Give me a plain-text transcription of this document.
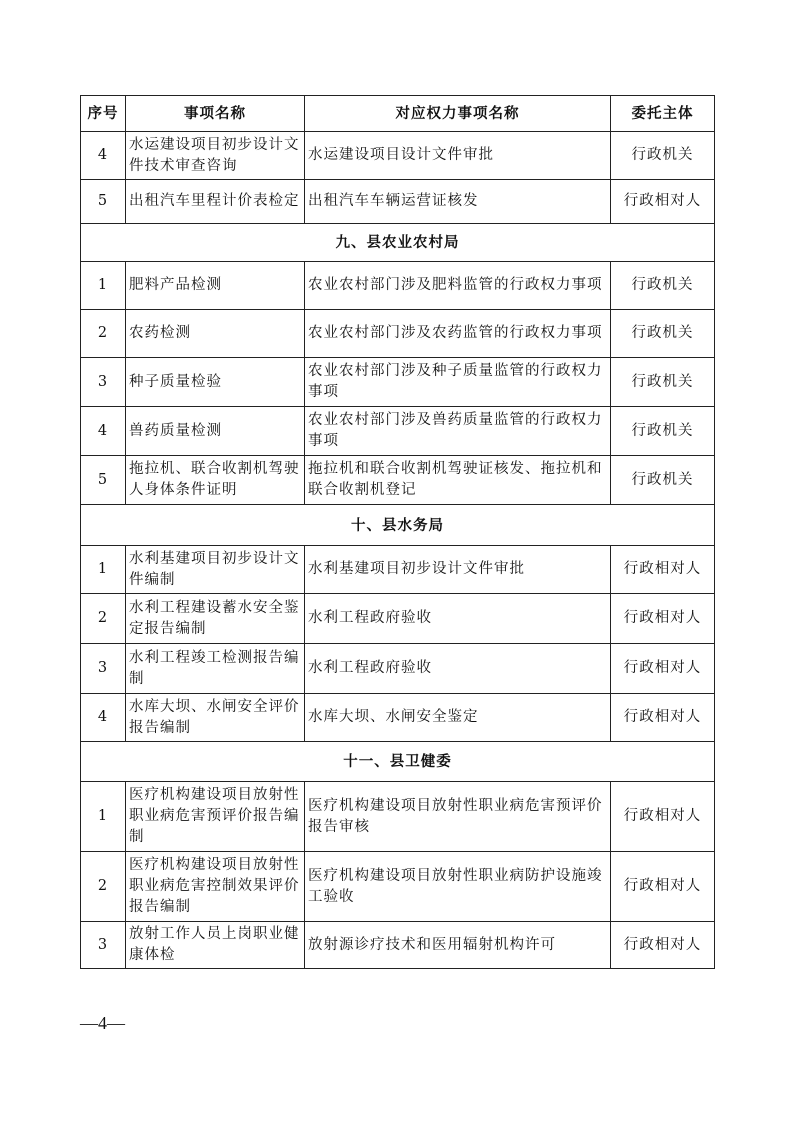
序号	事项名称	对应权力事项名称	委托主体
4	水运建设项目初步设计文件技术审查咨询	水运建设项目设计文件审批	行政机关
5	出租汽车里程计价表检定	出租汽车车辆运营证核发	行政相对人
九、县农业农村局			
1	肥料产品检测	农业农村部门涉及肥料监管的行政权力事项	行政机关
2	农药检测	农业农村部门涉及农药监管的行政权力事项	行政机关
3	种子质量检验	农业农村部门涉及种子质量监管的行政权力事项	行政机关
4	兽药质量检测	农业农村部门涉及兽药质量监管的行政权力事项	行政机关
5	拖拉机、联合收割机驾驶人身体条件证明	拖拉机和联合收割机驾驶证核发、拖拉机和联合收割机登记	行政机关
十、县水务局			
1	水利基建项目初步设计文件编制	水利基建项目初步设计文件审批	行政相对人
2	水利工程建设蓄水安全鉴定报告编制	水利工程政府验收	行政相对人
3	水利工程竣工检测报告编制	水利工程政府验收	行政相对人
4	水库大坝、水闸安全评价报告编制	水库大坝、水闸安全鉴定	行政相对人
十一、县卫健委			
1	医疗机构建设项目放射性职业病危害预评价报告编制	医疗机构建设项目放射性职业病危害预评价报告审核	行政相对人
2	医疗机构建设项目放射性职业病危害控制效果评价报告编制	医疗机构建设项目放射性职业病防护设施竣工验收	行政相对人
3	放射工作人员上岗职业健康体检	放射源诊疗技术和医用辐射机构许可	行政相对人
—4—
